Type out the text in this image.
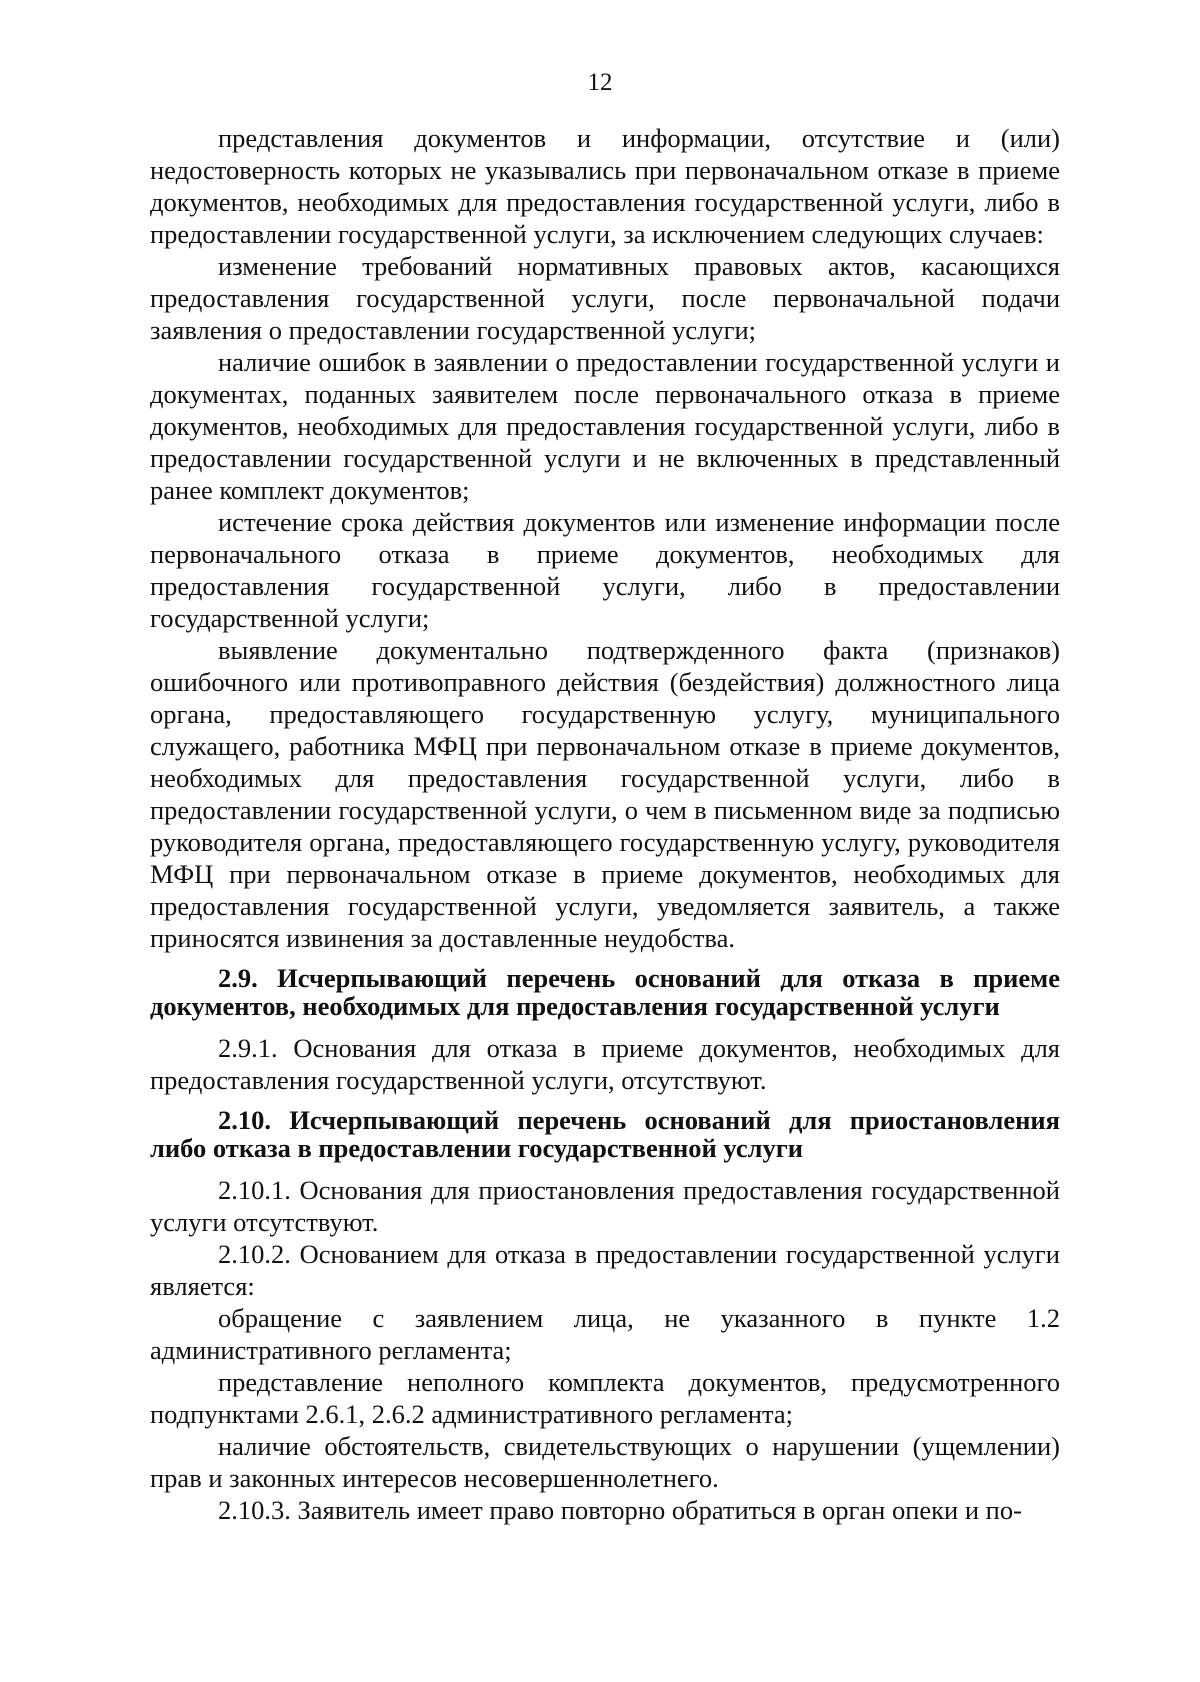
12

представления документов и информации, отсутствие и (или) недостоверность которых не указывались при первоначальном отказе в приеме документов, необходимых для предоставления государственной услуги, либо в предоставлении государственной услуги, за исключением следующих случаев:

изменение требований нормативных правовых актов, касающихся предоставления государственной услуги, после первоначальной подачи заявления о предоставлении государственной услуги;

наличие ошибок в заявлении о предоставлении государственной услуги и документах, поданных заявителем после первоначального отказа в приеме документов, необходимых для предоставления государственной услуги, либо в предоставлении государственной услуги и не включенных в представленный ранее комплект документов;

истечение срока действия документов или изменение информации после первоначального отказа в приеме документов, необходимых для предоставления государственной услуги, либо в предоставлении государственной услуги;

выявление документально подтвержденного факта (признаков) ошибочного или противоправного действия (бездействия) должностного лица органа, предоставляющего государственную услугу, муниципального служащего, работника МФЦ при первоначальном отказе в приеме документов, необходимых для предоставления государственной услуги, либо в предоставлении государственной услуги, о чем в письменном виде за подписью руководителя органа, предоставляющего государственную услугу, руководителя МФЦ при первоначальном отказе в приеме документов, необходимых для предоставления государственной услуги, уведомляется заявитель, а также приносятся извинения за доставленные неудобства.

2.9. Исчерпывающий перечень оснований для отказа в приеме документов, необходимых для предоставления государственной услуги

2.9.1. Основания для отказа в приеме документов, необходимых для предоставления государственной услуги, отсутствуют.

2.10. Исчерпывающий перечень оснований для приостановления либо отказа в предоставлении государственной услуги

2.10.1. Основания для приостановления предоставления государственной услуги отсутствуют.

2.10.2. Основанием для отказа в предоставлении государственной услуги является:

обращение с заявлением лица, не указанного в пункте 1.2 административного регламента;

представление неполного комплекта документов, предусмотренного подпунктами 2.6.1, 2.6.2 административного регламента;

наличие обстоятельств, свидетельствующих о нарушении (ущемлении) прав и законных интересов несовершеннолетнего.

2.10.3. Заявитель имеет право повторно обратиться в орган опеки и по-
